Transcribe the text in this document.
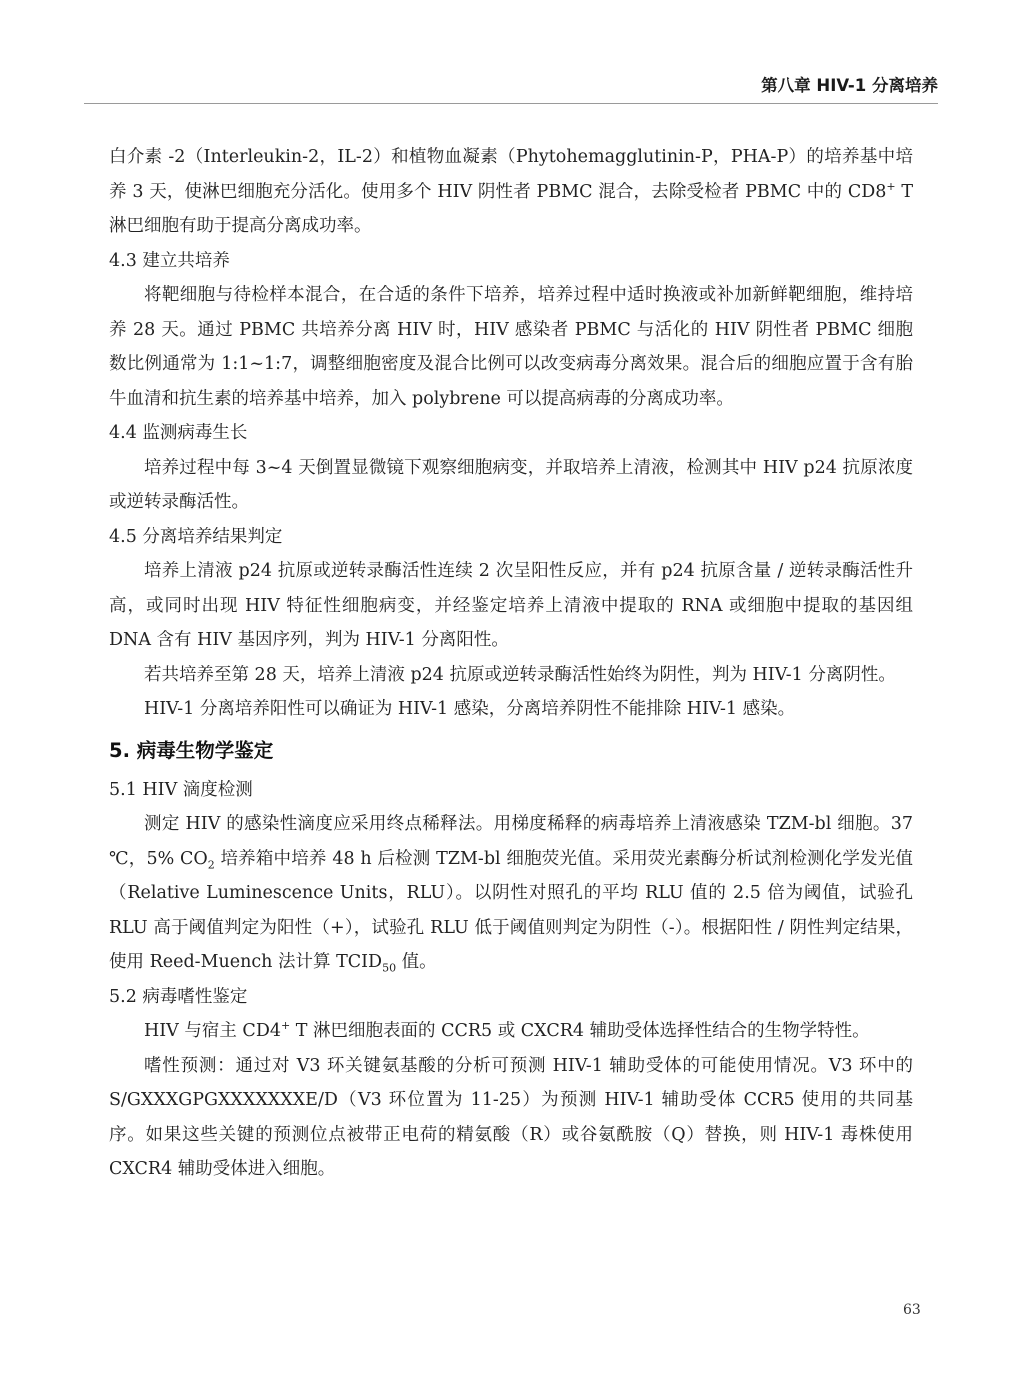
第八章 HIV-1 分离培养

白介素 -2（Interleukin-2，IL-2）和植物血凝素（Phytohemagglutinin-P，PHA-P）的培养基中培养 3 天，使淋巴细胞充分活化。使用多个 HIV 阴性者 PBMC 混合，去除受检者 PBMC 中的 CD8+ T 淋巴细胞有助于提高分离成功率。

4.3 建立共培养

将靶细胞与待检样本混合，在合适的条件下培养，培养过程中适时换液或补加新鲜靶细胞，维持培养 28 天。通过 PBMC 共培养分离 HIV 时，HIV 感染者 PBMC 与活化的 HIV 阴性者 PBMC 细胞数比例通常为 1:1~1:7，调整细胞密度及混合比例可以改变病毒分离效果。混合后的细胞应置于含有胎牛血清和抗生素的培养基中培养，加入 polybrene 可以提高病毒的分离成功率。

4.4 监测病毒生长

培养过程中每 3~4 天倒置显微镜下观察细胞病变，并取培养上清液，检测其中 HIV p24 抗原浓度或逆转录酶活性。

4.5 分离培养结果判定

培养上清液 p24 抗原或逆转录酶活性连续 2 次呈阳性反应，并有 p24 抗原含量 / 逆转录酶活性升高，或同时出现 HIV 特征性细胞病变，并经鉴定培养上清液中提取的 RNA 或细胞中提取的基因组 DNA 含有 HIV 基因序列，判为 HIV-1 分离阳性。

若共培养至第 28 天，培养上清液 p24 抗原或逆转录酶活性始终为阴性，判为 HIV-1 分离阴性。

HIV-1 分离培养阳性可以确证为 HIV-1 感染，分离培养阴性不能排除 HIV-1 感染。

5. 病毒生物学鉴定
5.1 HIV 滴度检测

测定 HIV 的感染性滴度应采用终点稀释法。用梯度稀释的病毒培养上清液感染 TZM-bl 细胞。37 ℃，5% $CO_2$ 培养箱中培养 48 h 后检测 TZM-bl 细胞荧光值。采用荧光素酶分析试剂检测化学发光值（Relative Luminescence Units，RLU）。以阴性对照孔的平均 RLU 值的 2.5 倍为阈值，试验孔 RLU 高于阈值判定为阳性（+），试验孔 RLU 低于阈值则判定为阴性（-）。根据阳性 / 阴性判定结果，使用 Reed-Muench 法计算 $TCID_{50}$ 值。

5.2 病毒嗜性鉴定

HIV 与宿主 CD4+ T 淋巴细胞表面的 CCR5 或 CXCR4 辅助受体选择性结合的生物学特性。

嗜性预测：通过对 V3 环关键氨基酸的分析可预测 HIV-1 辅助受体的可能使用情况。V3 环中的 S/GXXXGPGXXXXXXXE/D（V3 环位置为 11-25）为预测 HIV-1 辅助受体 CCR5 使用的共同基序。如果这些关键的预测位点被带正电荷的精氨酸（R）或谷氨酰胺（Q）替换，则 HIV-1 毒株使用 CXCR4 辅助受体进入细胞。

63
